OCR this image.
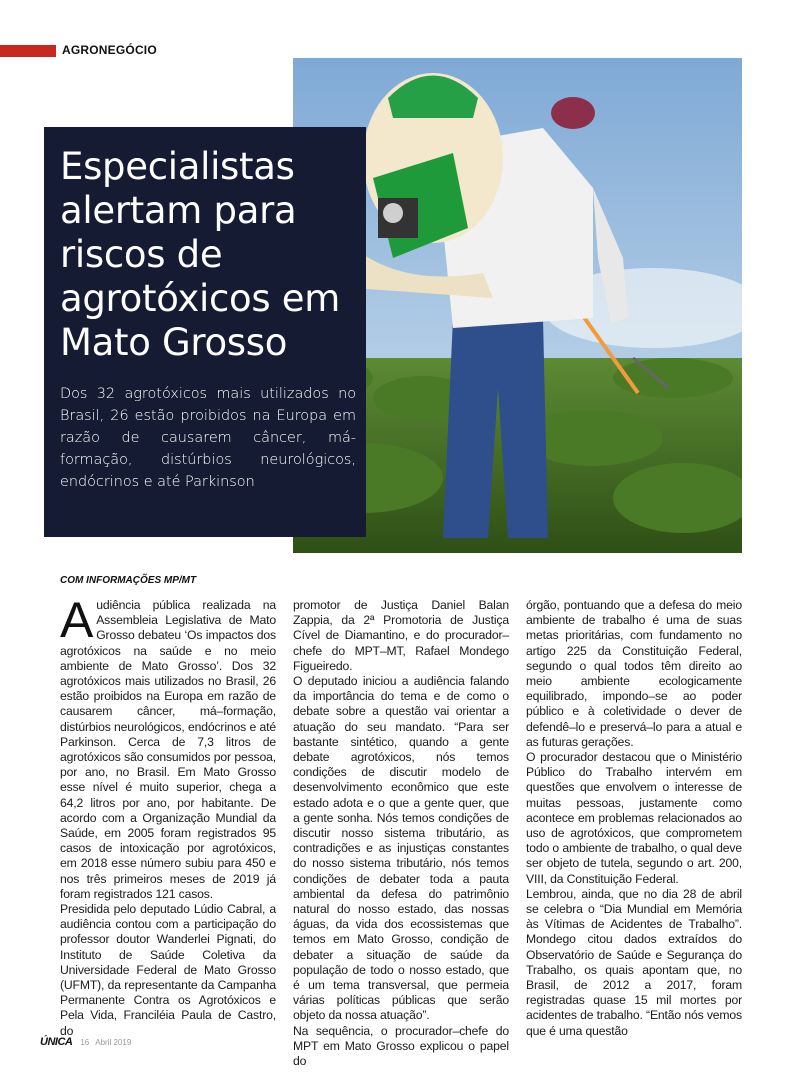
AGRONEGÓCIO
Especialistas alertam para riscos de agrotóxicos em Mato Grosso

Dos 32 agrotóxicos mais utilizados no Brasil, 26 estão proibidos na Europa em razão de causarem câncer, má-formação, distúrbios neurológicos, endócrinos e até Parkinson

COM INFORMAÇÕES MP/MT

Audiência pública realizada na Assembleia Legislativa de Mato Grosso debateu ‘Os impactos dos agrotóxicos na saúde e no meio ambiente de Mato Grosso’. Dos 32 agrotóxicos mais utilizados no Brasil, 26 estão proibidos na Europa em razão de causarem câncer, má–formação, distúrbios neurológicos, endócrinos e até Parkinson. Cerca de 7,3 litros de agrotóxicos são consumidos por pessoa, por ano, no Brasil. Em Mato Grosso esse nível é muito superior, chega a 64,2 litros por ano, por habitante. De acordo com a Organização Mundial da Saúde, em 2005 foram registrados 95 casos de intoxicação por agrotóxicos, em 2018 esse número subiu para 450 e nos três primeiros meses de 2019 já foram registrados 121 casos.

Presidida pelo deputado Lúdio Cabral, a audiência contou com a participação do professor doutor Wanderlei Pignati, do Instituto de Saúde Coletiva da Universidade Federal de Mato Grosso (UFMT), da representante da Campanha Permanente Contra os Agrotóxicos e Pela Vida, Franciléia Paula de Castro, do

promotor de Justiça Daniel Balan Zappia, da 2ª Promotoria de Justiça Cível de Diamantino, e do procurador–chefe do MPT–MT, Rafael Mondego Figueiredo.

O deputado iniciou a audiência falando da importância do tema e de como o debate sobre a questão vai orientar a atuação do seu mandato. “Para ser bastante sintético, quando a gente debate agrotóxicos, nós temos condições de discutir modelo de desenvolvimento econômico que este estado adota e o que a gente quer, que a gente sonha. Nós temos condições de discutir nosso sistema tributário, as contradições e as injustiças constantes do nosso sistema tributário, nós temos condições de debater toda a pauta ambiental da defesa do patrimônio natural do nosso estado, das nossas águas, da vida dos ecossistemas que temos em Mato Grosso, condição de debater a situação de saúde da população de todo o nosso estado, que é um tema transversal, que permeia várias políticas públicas que serão objeto da nossa atuação”.

Na sequência, o procurador–chefe do MPT em Mato Grosso explicou o papel do

órgão, pontuando que a defesa do meio ambiente de trabalho é uma de suas metas prioritárias, com fundamento no artigo 225 da Constituição Federal, segundo o qual todos têm direito ao meio ambiente ecologicamente equilibrado, impondo–se ao poder público e à coletividade o dever de defendê–lo e preservá–lo para a atual e as futuras gerações.

O procurador destacou que o Ministério Público do Trabalho intervém em questões que envolvem o interesse de muitas pessoas, justamente como acontece em problemas relacionados ao uso de agrotóxicos, que comprometem todo o ambiente de trabalho, o qual deve ser objeto de tutela, segundo o art. 200, VIII, da Constituição Federal.

Lembrou, ainda, que no dia 28 de abril se celebra o “Dia Mundial em Memória às Vítimas de Acidentes de Trabalho”. Mondego citou dados extraídos do Observatório de Saúde e Segurança do Trabalho, os quais apontam que, no Brasil, de 2012 a 2017, foram registradas quase 15 mil mortes por acidentes de trabalho. “Então nós vemos que é uma questão

ÚNICA 16 Abril 2019
